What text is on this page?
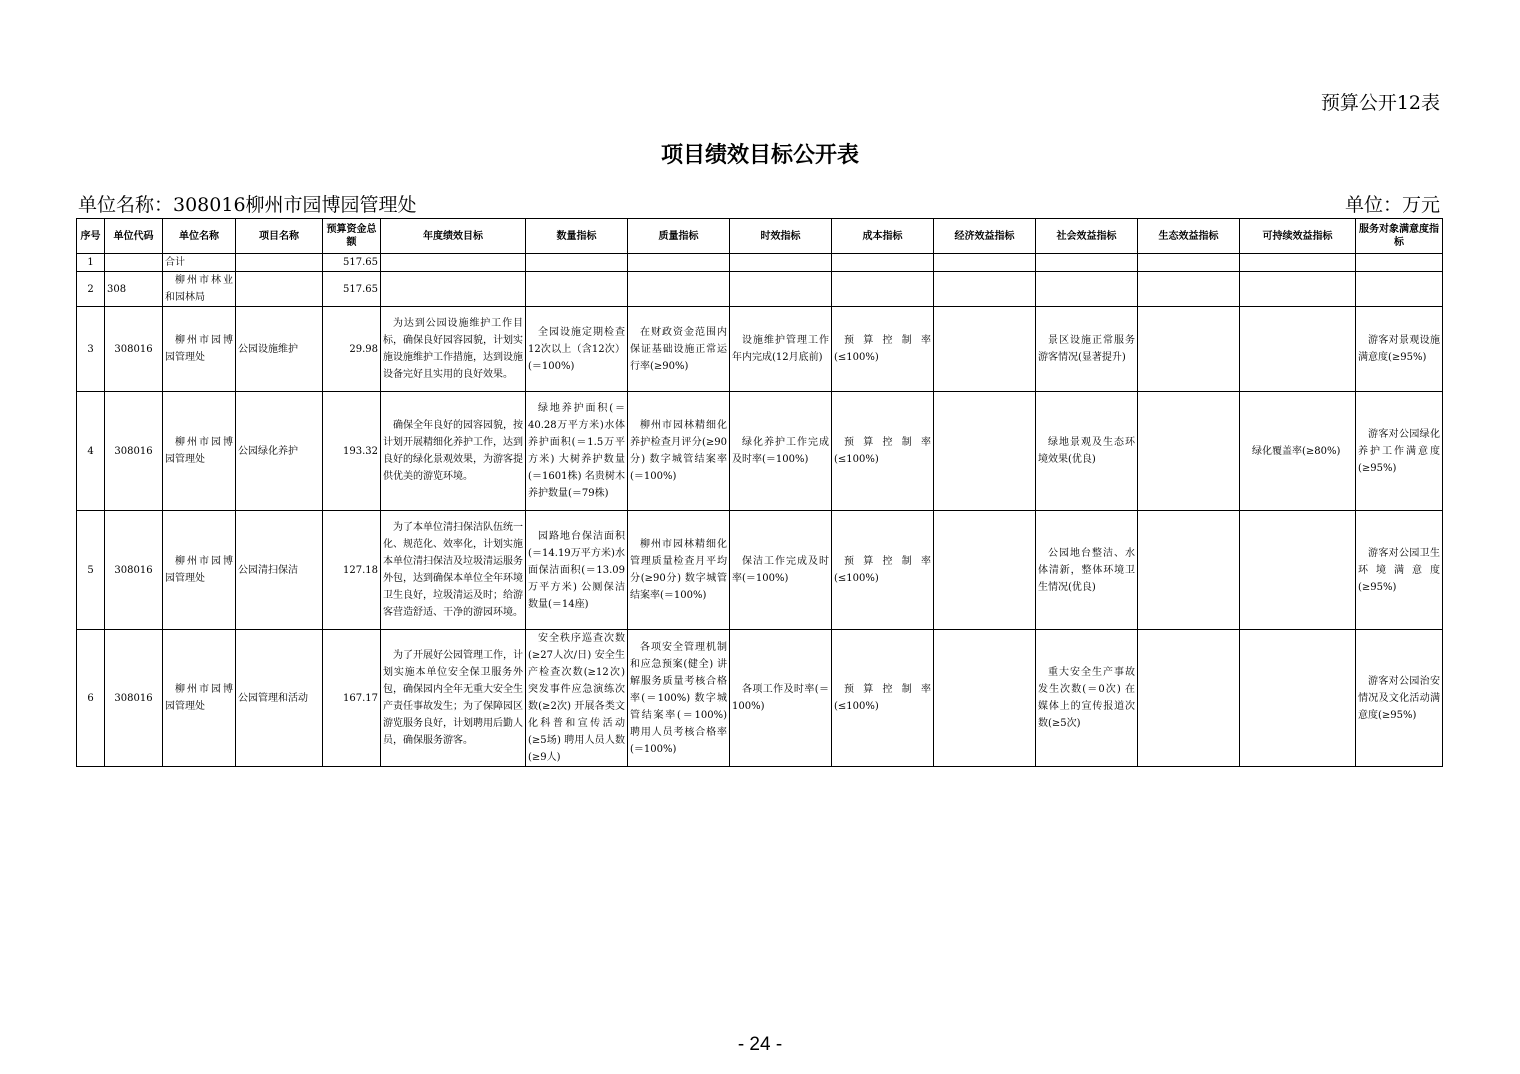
预算公开12表
项目绩效目标公开表
单位名称：308016柳州市园博园管理处	单位：万元
序号	单位代码	单位名称	项目名称	预算资金总额	年度绩效目标	数量指标	质量指标	时效指标	成本指标	经济效益指标	社会效益指标	生态效益指标	可持续效益指标	服务对象满意度指标
1		合计		517.65										
2	308	柳州市林业和园林局		517.65										
3	308016	柳州市园博园管理处	公园设施维护	29.98	为达到公园设施维护工作目标，确保良好园容园貌，计划实施设施维护工作措施，达到设施设备完好且实用的良好效果。	全园设施定期检查12次以上（含12次）(＝100%)	在财政资金范围内保证基础设施正常运行率(≥90%)	设施维护管理工作年内完成(12月底前)	预算控制率(≤100%)		景区设施正常服务游客情况(显著提升)			游客对景观设施满意度(≥95%)
4	308016	柳州市园博园管理处	公园绿化养护	193.32	确保全年良好的园容园貌，按计划开展精细化养护工作，达到良好的绿化景观效果，为游客提供优美的游览环境。	绿地养护面积(＝40.28万平方米)水体养护面积(＝1.5万平方米) 大树养护数量(＝1601株) 名贵树木养护数量(＝79株)	柳州市园林精细化养护检查月评分(≥90分) 数字城管结案率(＝100%)	绿化养护工作完成及时率(＝100%)	预算控制率(≤100%)		绿地景观及生态环境效果(优良)		绿化覆盖率(≥80%)	游客对公园绿化养护工作满意度(≥95%)
5	308016	柳州市园博园管理处	公园清扫保洁	127.18	为了本单位清扫保洁队伍统一化、规范化、效率化，计划实施本单位清扫保洁及垃圾清运服务外包，达到确保本单位全年环境卫生良好，垃圾清运及时；给游客营造舒适、干净的游园环境。	园路地台保洁面积(＝14.19万平方米)水面保洁面积(＝13.09万平方米) 公厕保洁数量(＝14座)	柳州市园林精细化管理质量检查月平均分(≥90分) 数字城管结案率(＝100%)	保洁工作完成及时率(＝100%)	预算控制率(≤100%)		公园地台整洁、水体清新，整体环境卫生情况(优良)			游客对公园卫生环境满意度(≥95%)
6	308016	柳州市园博园管理处	公园管理和活动	167.17	为了开展好公园管理工作，计划实施本单位安全保卫服务外包，确保园内全年无重大安全生产责任事故发生；为了保障园区游览服务良好，计划聘用后勤人员，确保服务游客。	安全秩序巡查次数(≥27人次/日) 安全生产检查次数(≥12次) 突发事件应急演练次数(≥2次) 开展各类文化科普和宣传活动(≥5场) 聘用人员人数(≥9人)	各项安全管理机制和应急预案(健全) 讲解服务质量考核合格率(＝100%) 数字城管结案率(＝100%) 聘用人员考核合格率(＝100%)	各项工作及时率(＝100%)	预算控制率(≤100%)		重大安全生产事故发生次数(＝0次) 在媒体上的宣传报道次数(≥5次)			游客对公园治安情况及文化活动满意度(≥95%)
- 24 -
